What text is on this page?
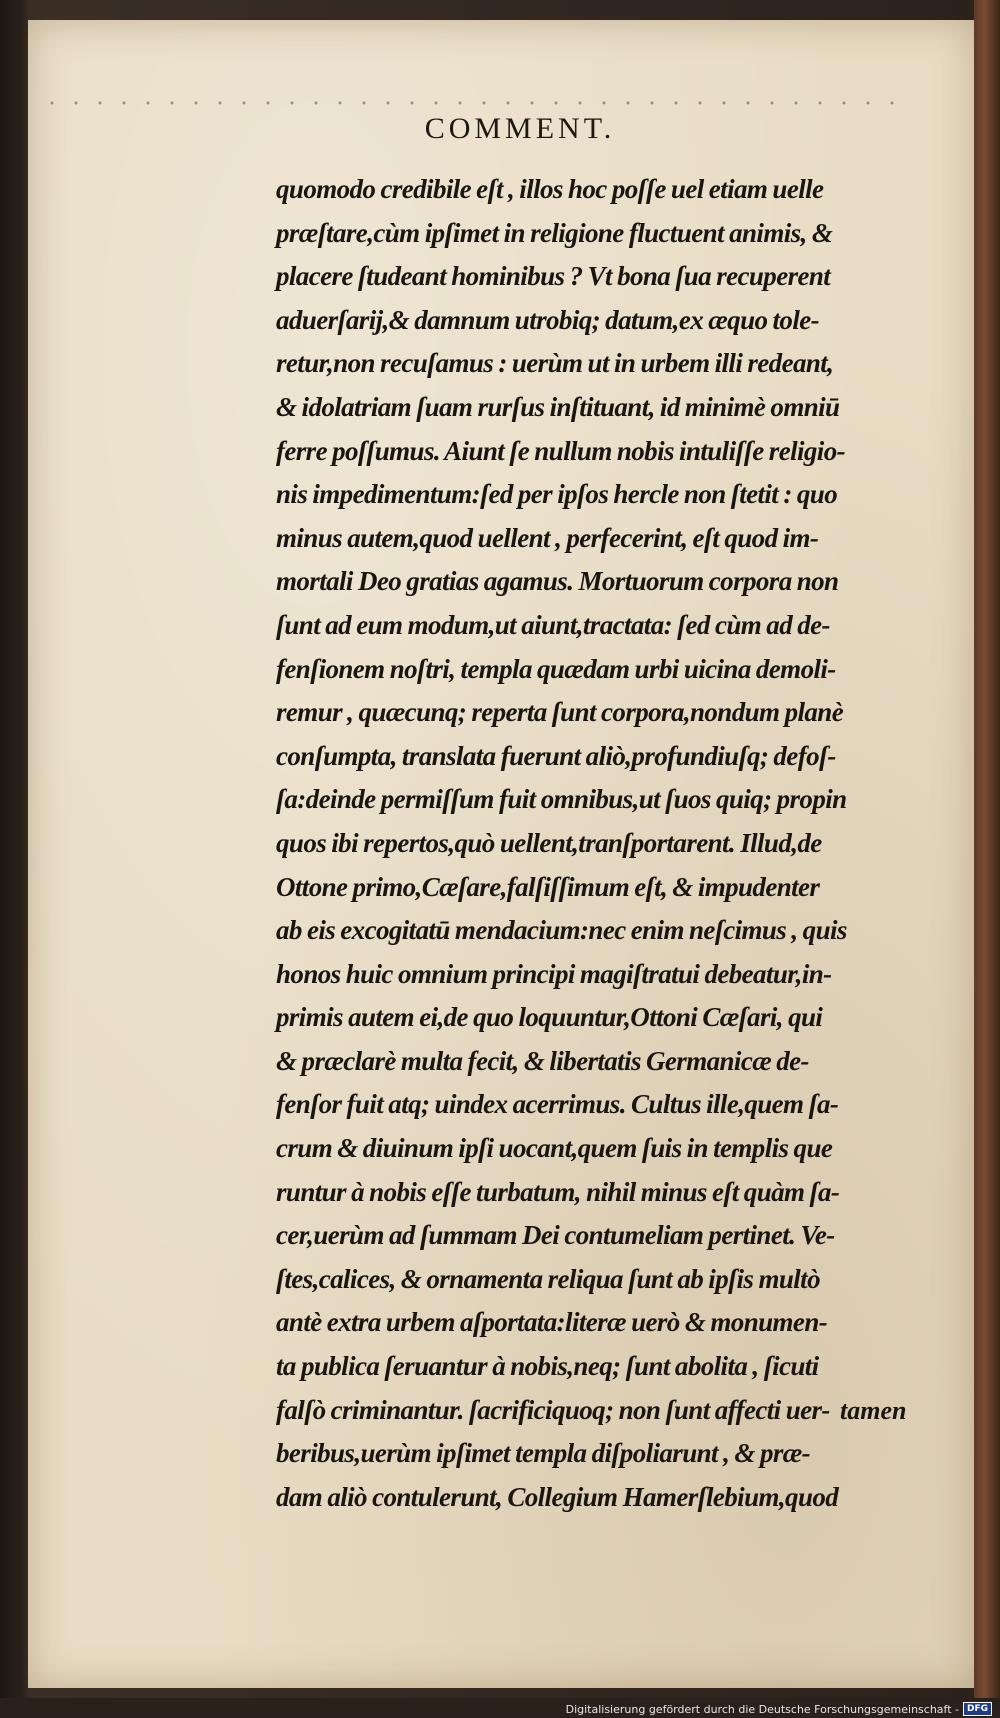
COMMENT.
quomodo credibile eſt , illos hoc poſſe uel etiam uelle
præſtare,cùm ipſimet in religione fluctuent animis, &
placere ſtudeant hominibus ? Vt bona ſua recuperent
aduerſarij,& damnum utrobiq; datum,ex æquo tole-
retur,non recuſamus : uerùm ut in urbem illi redeant,
& idolatriam ſuam rurſus inſtituant, id minimè omniū
ferre poſſumus. Aiunt ſe nullum nobis intuliſſe religio-
nis impedimentum:ſed per ipſos hercle non ſtetit : quo
minus autem,quod uellent , perfecerint, eſt quod im-
mortali Deo gratias agamus. Mortuorum corpora non
ſunt ad eum modum,ut aiunt,tractata: ſed cùm ad de-
fenſionem noſtri, templa quædam urbi uicina demoli-
remur , quæcunq; reperta ſunt corpora,nondum planè
conſumpta, translata fuerunt aliò,profundiuſq; defoſ-
ſa:deinde permiſſum fuit omnibus,ut ſuos quiq; propin
quos ibi repertos,quò uellent,tranſportarent. Illud,de
Ottone primo,Cæſare,falſiſſimum eſt, & impudenter
ab eis excogitatū mendacium:nec enim neſcimus , quis
honos huic omnium principi magiſtratui debeatur,in-
primis autem ei,de quo loquuntur,Ottoni Cæſari, qui
& præclarè multa fecit, & libertatis Germanicæ de-
fenſor fuit atq; uindex acerrimus. Cultus ille,quem ſa-
crum & diuinum ipſi uocant,quem ſuis in templis que
runtur à nobis eſſe turbatum, nihil minus eſt quàm ſa-
cer,uerùm ad ſummam Dei contumeliam pertinet. Ve-
ſtes,calices, & ornamenta reliqua ſunt ab ipſis multò
antè extra urbem aſportata:literæ uerò & monumen-
ta publica ſeruantur à nobis,neq; ſunt abolita , ſicuti
falſò criminantur. ſacrificiquoq; non ſunt affecti uer-
beribus,uerùm ipſimet templa diſpoliarunt , & præ-
dam aliò contulerunt, Collegium Hamerſlebium,quod
tamen
Digitalisierung gefördert durch die Deutsche Forschungsgemeinschaft - DFG
